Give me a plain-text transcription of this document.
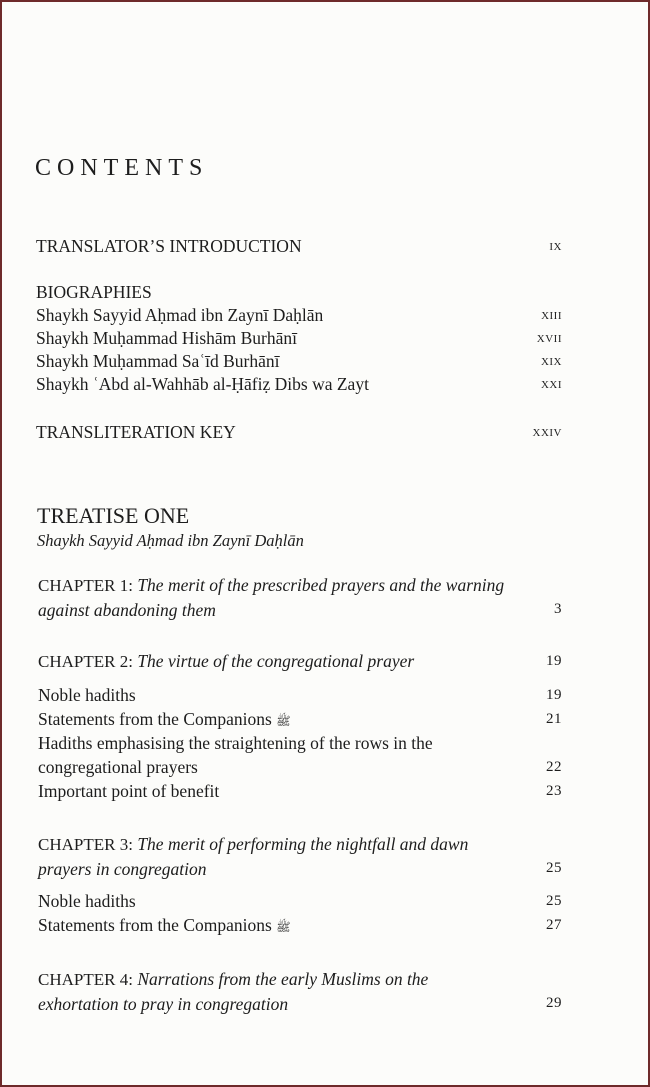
CONTENTS
TRANSLATOR’S INTRODUCTION	ix
BIOGRAPHIES
Shaykh Sayyid Aḥmad ibn Zaynī Daḥlān	xiii
Shaykh Muḥammad Hishām Burhānī	xvii
Shaykh Muḥammad Saʿīd Burhānī	xix
Shaykh ʿAbd al-Wahhāb al-Ḥāfiẓ Dibs wa Zayt	xxi
TRANSLITERATION KEY	xxiv
TREATISE ONE
Shaykh Sayyid Aḥmad ibn Zaynī Daḥlān
CHAPTER 1: The merit of the prescribed prayers and the warning
against abandoning them	3
CHAPTER 2: The virtue of the congregational prayer	19
Noble hadiths	19
Statements from the Companions ﷺ	21
Hadiths emphasising the straightening of the rows in the
congregational prayers	22
Important point of benefit	23
CHAPTER 3: The merit of performing the nightfall and dawn
prayers in congregation	25
Noble hadiths	25
Statements from the Companions ﷺ	27
CHAPTER 4: Narrations from the early Muslims on the
exhortation to pray in congregation	29
